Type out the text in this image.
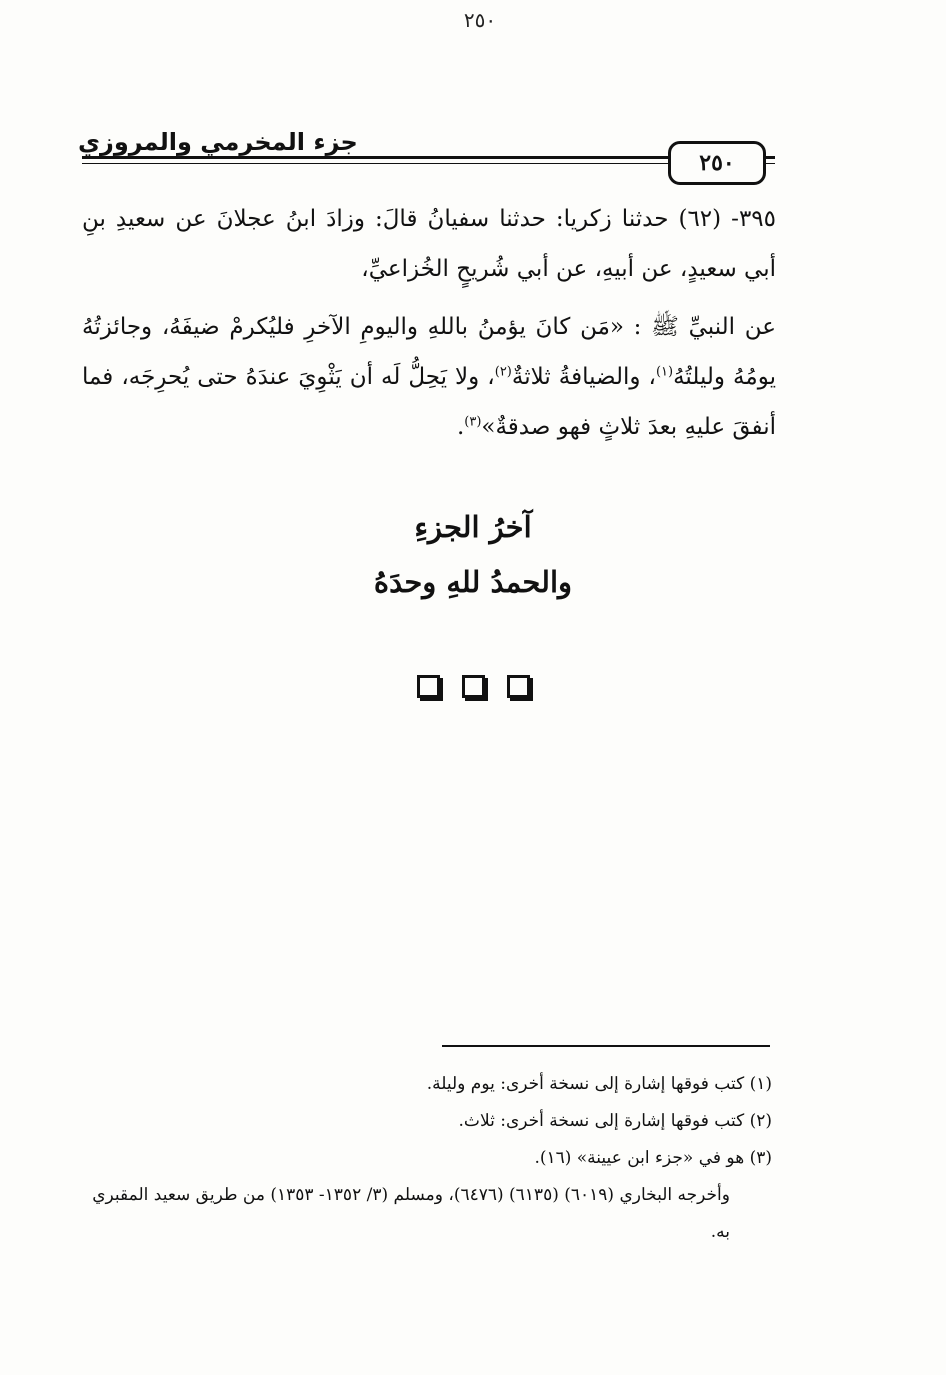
٢٥٠
جزء المخرمي والمروزي
٢٥٠

٣٩٥- (٦٢) حدثنا زكريا: حدثنا سفيانُ قالَ: وزادَ ابنُ عجلانَ عن سعيدِ بنِ أبي سعيدٍ، عن أبيهِ، عن أبي شُريحٍ الخُزاعيِّ،

عن النبيِّ ﷺ : «مَن كانَ يؤمنُ باللهِ واليومِ الآخرِ فليُكرمْ ضيفَهُ، وجائزتُهُ يومُهُ وليلتُهُ$^{(١)}$، والضيافةُ ثلاثةٌ$^{(٢)}$، ولا يَحِلُّ لَه أن يَثْوِيَ عندَهُ حتى يُحرِجَه، فما أنفقَ عليهِ بعدَ ثلاثٍ فهو صدقةٌ»$^{(٣)}$.

آخرُ الجزءِ
والحمدُ للهِ وحدَهُ

(١) كتب فوقها إشارة إلى نسخة أخرى: يوم وليلة.

(٢) كتب فوقها إشارة إلى نسخة أخرى: ثلاث.

(٣) هو في «جزء ابن عيينة» (١٦).

وأخرجه البخاري (٦٠١٩) (٦١٣٥) (٦٤٧٦)، ومسلم (٣/ ١٣٥٢- ١٣٥٣) من طريق سعيد المقبري به.
